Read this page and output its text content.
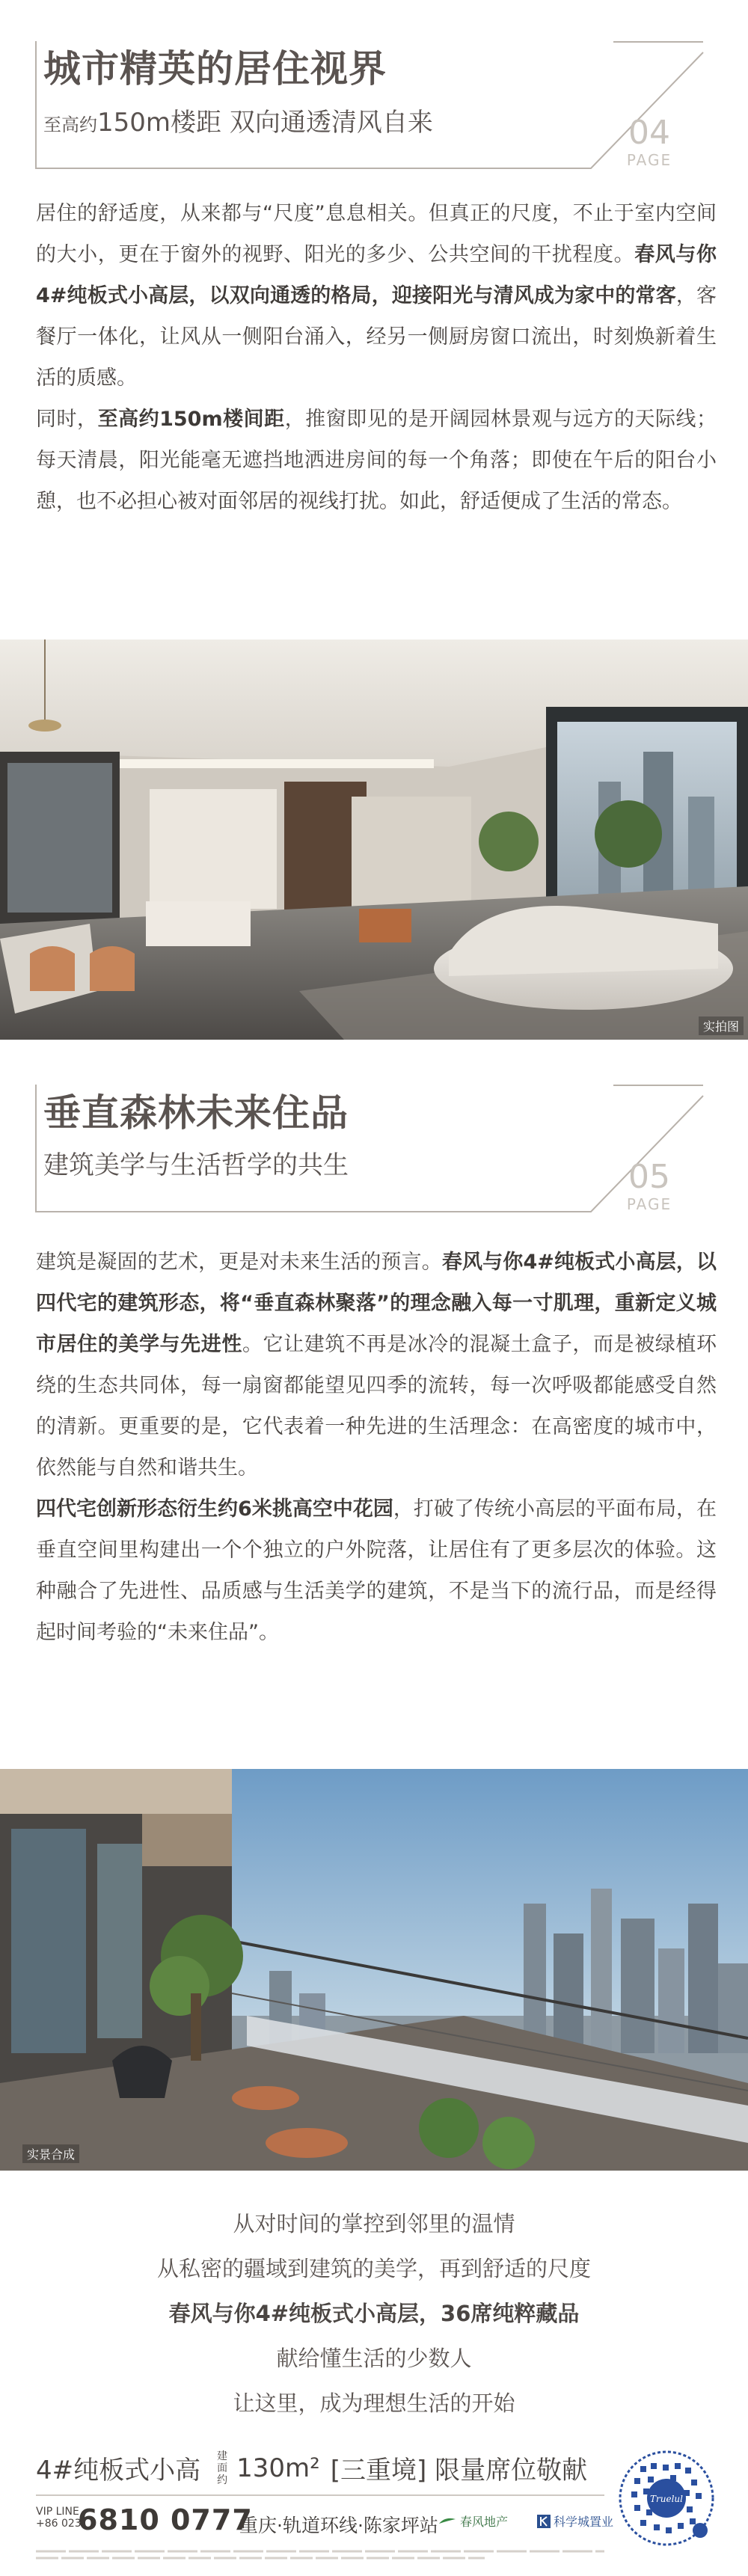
城市精英的居住视界
至高约150m楼距 双向通透清风自来	04
PAGE

居住的舒适度，从来都与“尺度”息息相关。但真正的尺度，不止于室内空间的大小，更在于窗外的视野、阳光的多少、公共空间的干扰程度。春风与你4#纯板式小高层，以双向通透的格局，迎接阳光与清风成为家中的常客，客餐厅一体化，让风从一侧阳台涌入，经另一侧厨房窗口流出，时刻焕新着生活的质感。

同时，至高约150m楼间距，推窗即见的是开阔园林景观与远方的天际线；每天清晨，阳光能毫无遮挡地洒进房间的每一个角落；即使在午后的阳台小憩，也不必担心被对面邻居的视线打扰。如此，舒适便成了生活的常态。

实拍图
垂直森林未来住品
建筑美学与生活哲学的共生	05
PAGE

建筑是凝固的艺术，更是对未来生活的预言。春风与你4#纯板式小高层，以四代宅的建筑形态，将“垂直森林聚落”的理念融入每一寸肌理，重新定义城市居住的美学与先进性。它让建筑不再是冰冷的混凝土盒子，而是被绿植环绕的生态共同体，每一扇窗都能望见四季的流转，每一次呼吸都能感受自然的清新。更重要的是，它代表着一种先进的生活理念：在高密度的城市中，依然能与自然和谐共生。

四代宅创新形态衍生约6米挑高空中花园，打破了传统小高层的平面布局，在垂直空间里构建出一个个独立的户外院落，让居住有了更多层次的体验。这种融合了先进性、品质感与生活美学的建筑，不是当下的流行品，而是经得起时间考验的“未来住品”。

实景合成
从对时间的掌控到邻里的温情
从私密的疆域到建筑的美学，再到舒适的尺度
春风与你4#纯板式小高层，36席纯粹藏品
献给懂生活的少数人
让这里，成为理想生活的开始
4#纯板式小高	建面约 130m² [三重境] 限量席位敬献
VIP LINE
+86 023
6810 0777
重庆·轨道环线·陈家坪站 春风地产	科学城置业
Truelul
